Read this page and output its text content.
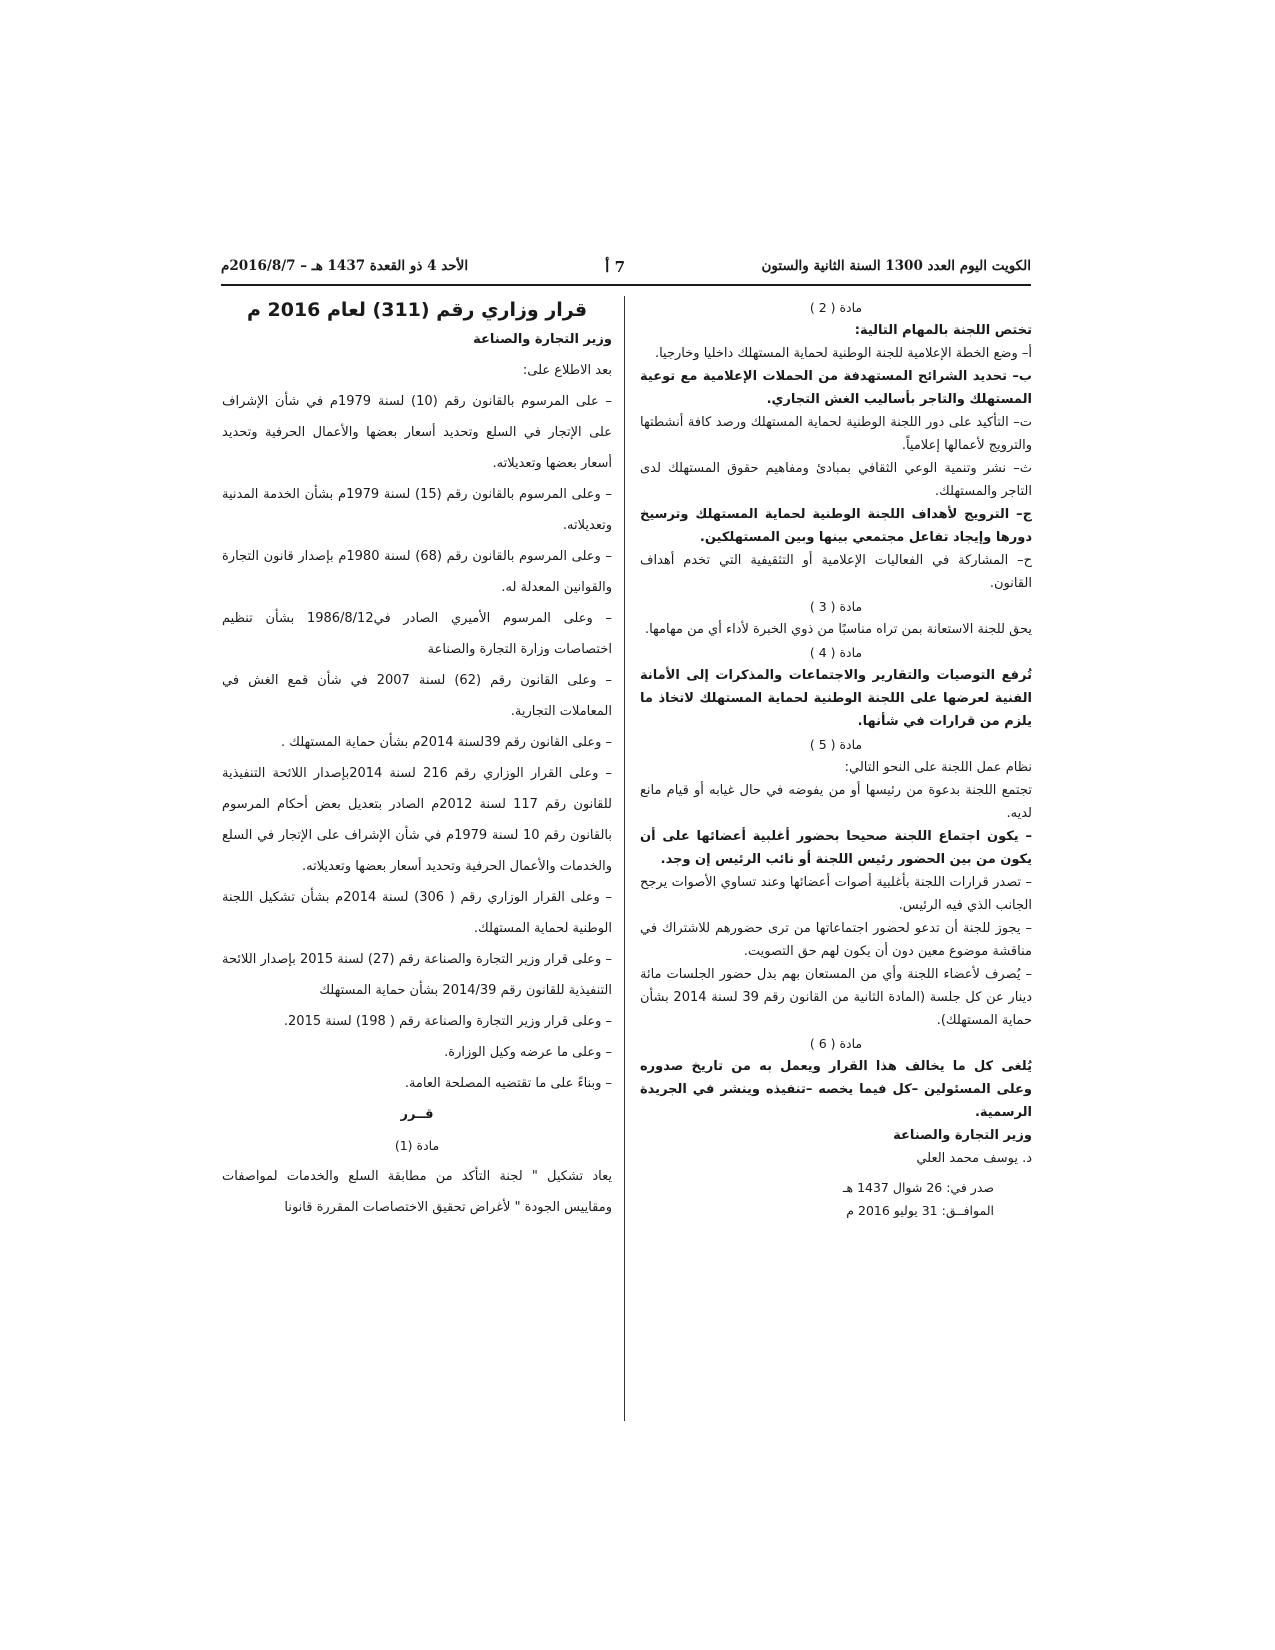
الكويت اليوم العدد 1300 السنة الثانية والستون
7 أ
الأحد 4 ذو القعدة 1437 هـ – 2016/8/7م

مادة ( 2 )

تختص اللجنة بالمهام التالية:

أ– وضع الخطة الإعلامية للجنة الوطنية لحماية المستهلك داخليا وخارجيا.

ب– تحديد الشرائح المستهدفة من الحملات الإعلامية مع توعية المستهلك والتاجر بأساليب الغش التجاري.

ت– التأكيد على دور اللجنة الوطنية لحماية المستهلك ورصد كافة أنشطتها والترويج لأعمالها إعلامياً.

ث– نشر وتنمية الوعي الثقافي بمبادئ ومفاهيم حقوق المستهلك لدى التاجر والمستهلك.

ج– الترويج لأهداف اللجنة الوطنية لحماية المستهلك وترسيخ دورها وإيجاد تفاعل مجتمعي بينها وبين المستهلكين.

ح– المشاركة في الفعاليات الإعلامية أو التثقيفية التي تخدم أهداف القانون.

مادة ( 3 )

يحق للجنة الاستعانة بمن تراه مناسبًا من ذوي الخبرة لأداء أي من مهامها.

مادة ( 4 )

تُرفع التوصيات والتقارير والاجتماعات والمذكرات إلى الأمانة الفنية لعرضها على اللجنة الوطنية لحماية المستهلك لاتخاذ ما يلزم من قرارات في شأنها.

مادة ( 5 )

نظام عمل اللجنة على النحو التالي:

تجتمع اللجنة بدعوة من رئيسها أو من يفوضه في حال غيابه أو قيام مانع لديه.

– يكون اجتماع اللجنة صحيحا بحضور أغلبية أعضائها على أن يكون من بين الحضور رئيس اللجنة أو نائب الرئيس إن وجد.

– تصدر قرارات اللجنة بأغلبية أصوات أعضائها وعند تساوي الأصوات يرجح الجانب الذي فيه الرئيس.

– يجوز للجنة أن تدعو لحضور اجتماعاتها من ترى حضورهم للاشتراك في مناقشة موضوع معين دون أن يكون لهم حق التصويت.

– يُصرف لأعضاء اللجنة وأي من المستعان بهم بدل حضور الجلسات مائة دينار عن كل جلسة (المادة الثانية من القانون رقم 39 لسنة 2014 بشأن حماية المستهلك).

مادة ( 6 )

يُلغى كل ما يخالف هذا القرار ويعمل به من تاريخ صدوره وعلى المسئولين –كل فيما يخصه –تنفيذه وينشر في الجريدة الرسمية.

وزير التجارة والصناعة

د. يوسف محمد العلي

صدر في: 26 شوال 1437 هـ

الموافــق: 31 يوليو 2016 م

قرار وزاري رقم (311) لعام 2016 م

وزير التجارة والصناعة

بعد الاطلاع على:

– على المرسوم بالقانون رقم (10) لسنة 1979م في شأن الإشراف على الإتجار في السلع وتحديد أسعار بعضها والأعمال الحرفية وتحديد أسعار بعضها وتعديلاته.

– وعلى المرسوم بالقانون رقم (15) لسنة 1979م بشأن الخدمة المدنية وتعديلاته.

– وعلى المرسوم بالقانون رقم (68) لسنة 1980م بإصدار قانون التجارة والقوانين المعدلة له.

– وعلى المرسوم الأميري الصادر في1986/8/12 بشأن تنظيم اختصاصات وزارة التجارة والصناعة

– وعلى القانون رقم (62) لسنة 2007 في شأن قمع الغش في المعاملات التجارية.

– وعلى القانون رقم 39لسنة 2014م بشأن حماية المستهلك .

– وعلى القرار الوزاري رقم 216 لسنة 2014بإصدار اللائحة التنفيذية للقانون رقم 117 لسنة 2012م الصادر بتعديل بعض أحكام المرسوم بالقانون رقم 10 لسنة 1979م في شأن الإشراف على الإتجار في السلع والخدمات والأعمال الحرفية وتحديد أسعار بعضها وتعديلاته.

– وعلى القرار الوزاري رقم ( 306) لسنة 2014م بشأن تشكيل اللجنة الوطنية لحماية المستهلك.

– وعلى قرار وزير التجارة والصناعة رقم (27) لسنة 2015 بإصدار اللائحة التنفيذية للقانون رقم 2014/39 بشأن حماية المستهلك

– وعلى قرار وزير التجارة والصناعة رقم ( 198) لسنة 2015.

– وعلى ما عرضه وكيل الوزارة.

– وبناءً على ما تقتضيه المصلحة العامة.

قــرر

مادة (1)

يعاد تشكيل " لجنة التأكد من مطابقة السلع والخدمات لمواصفات ومقاييس الجودة " لأغراض تحقيق الاختصاصات المقررة قانونا
